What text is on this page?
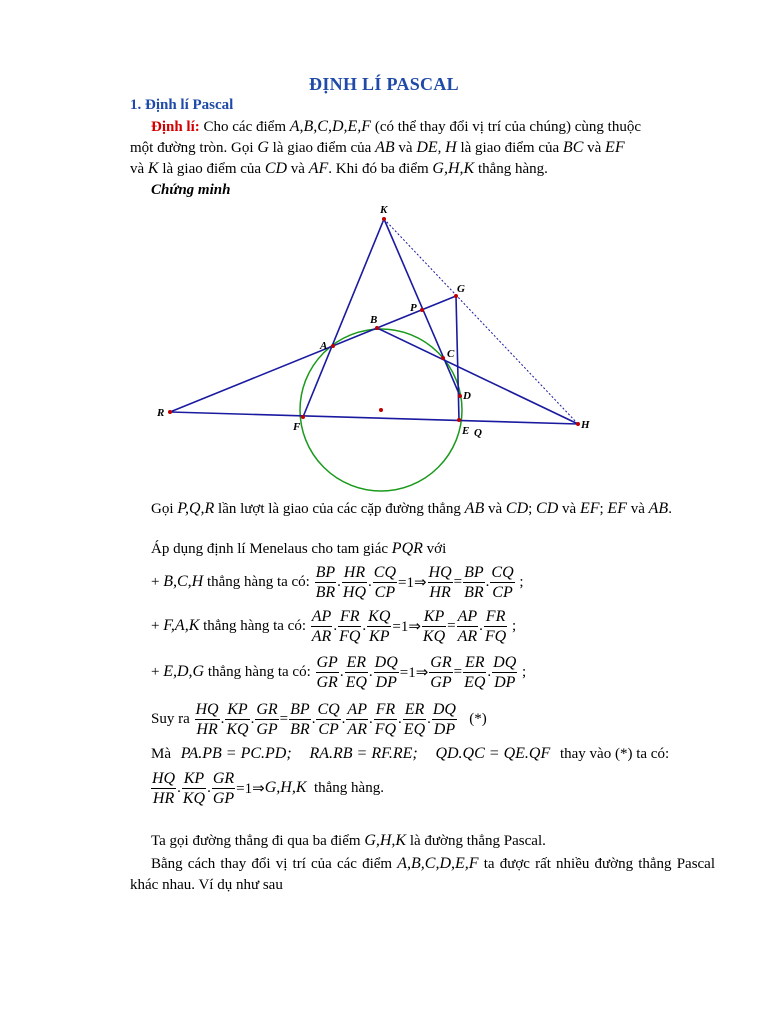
ĐỊNH LÍ PASCAL
1. Định lí Pascal
Định lí: Cho các điểm A,B,C,D,E,F (có thể thay đổi vị trí của chúng) cùng thuộc
một đường tròn. Gọi G là giao điểm của AB và DE, H là giao điểm của BC và EF
và K là giao điểm của CD và AF. Khi đó ba điểm G,H,K thẳng hàng.
Chứng minh
K
G
P
B
A
C
D
R
F	E Q
H
Gọi P,Q,R lần lượt là giao của các cặp đường thẳng AB và CD; CD và EF; EF và AB.
Áp dụng định lí Menelaus cho tam giác PQR với
+
B,C,H
thẳng hàng ta có:
$\frac{BP}{BR}$ . $\frac{HR}{HQ}$ . $\frac{CQ}{CP}$ =1⇒ $\frac{HQ}{HR} = \frac{BP}{BR}$ . $\frac{CQ}{CP}$
;
+
F,A,K
thẳng hàng ta có:
$\frac{AP}{AR}$ . $\frac{FR}{FQ}$ . $\frac{KQ}{KP}$ =1⇒ $\frac{KP}{KQ} = \frac{AP}{AR}$ . $\frac{FR}{FQ}$
;
+
E,D,G
thẳng hàng ta có:
$\frac{GP}{GR}$ . $\frac{ER}{EQ}$ . $\frac{DQ}{DP}$ =1⇒ $\frac{GR}{GP} = \frac{ER}{EQ}$ . $\frac{DQ}{DP}$
;
Suy ra
$\frac{HQ}{HR}$ . $\frac{KP}{KQ}$ . $\frac{GR}{GP} = \frac{BP}{BR}$ . $\frac{CQ}{CP}$ . $\frac{AP}{AR}$ . $\frac{FR}{FQ}$ . $\frac{ER}{EQ}$ . $\frac{DQ}{DP}$
(*)
Mà PA.PB = PC.PD; RA.RB = RF.RE; QD.QC = QE.QF thay vào (*) ta có:
$\frac{HQ}{HR}$ . $\frac{KP}{KQ}$ . $\frac{GR}{GP}$ =1⇒ G,H,K
thẳng hàng.
Ta gọi đường thẳng đi qua ba điểm G,H,K là đường thẳng Pascal.
Bằng cách thay đổi vị trí của các điểm A,B,C,D,E,F ta được rất nhiều đường thẳng Pascal khác nhau. Ví dụ như sau
